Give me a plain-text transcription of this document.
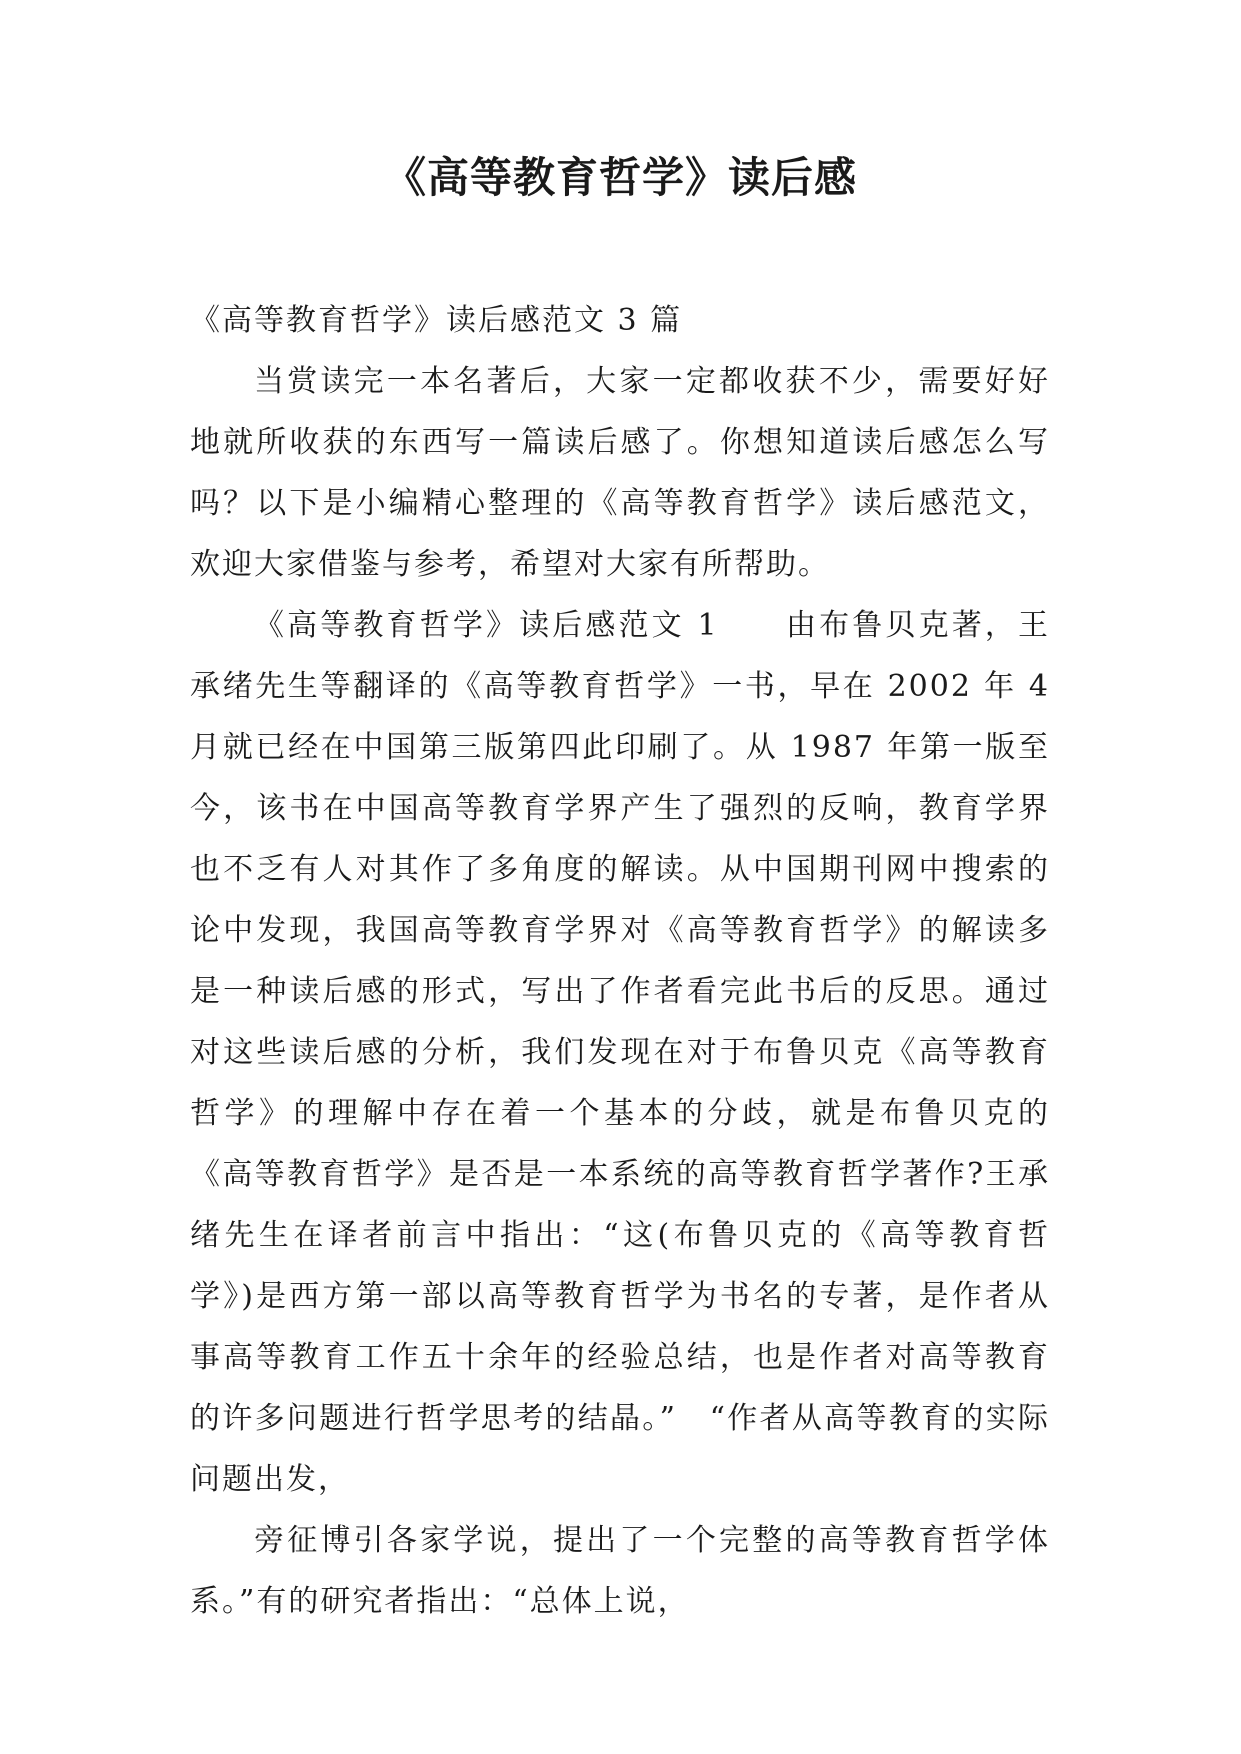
《高等教育哲学》读后感

《高等教育哲学》读后感范文 3 篇

当赏读完一本名著后，大家一定都收获不少，需要好好地就所收获的东西写一篇读后感了。你想知道读后感怎么写吗？以下是小编精心整理的《高等教育哲学》读后感范文，欢迎大家借鉴与参考，希望对大家有所帮助。

《高等教育哲学》读后感范文 1　　由布鲁贝克著，王承绪先生等翻译的《高等教育哲学》一书，早在 2002 年 4 月就已经在中国第三版第四此印刷了。从 1987 年第一版至今，该书在中国高等教育学界产生了强烈的反响，教育学界也不乏有人对其作了多角度的解读。从中国期刊网中搜索的论中发现，我国高等教育学界对《高等教育哲学》的解读多是一种读后感的形式，写出了作者看完此书后的反思。通过对这些读后感的分析，我们发现在对于布鲁贝克《高等教育哲学》的理解中存在着一个基本的分歧，就是布鲁贝克的《高等教育哲学》是否是一本系统的高等教育哲学著作?王承绪先生在译者前言中指出：“这(布鲁贝克的《高等教育哲学》)是西方第一部以高等教育哲学为书名的专著，是作者从事高等教育工作五十余年的经验总结，也是作者对高等教育的许多问题进行哲学思考的结晶。”　“作者从高等教育的实际问题出发，

旁征博引各家学说，提出了一个完整的高等教育哲学体系。”有的研究者指出：“总体上说，
